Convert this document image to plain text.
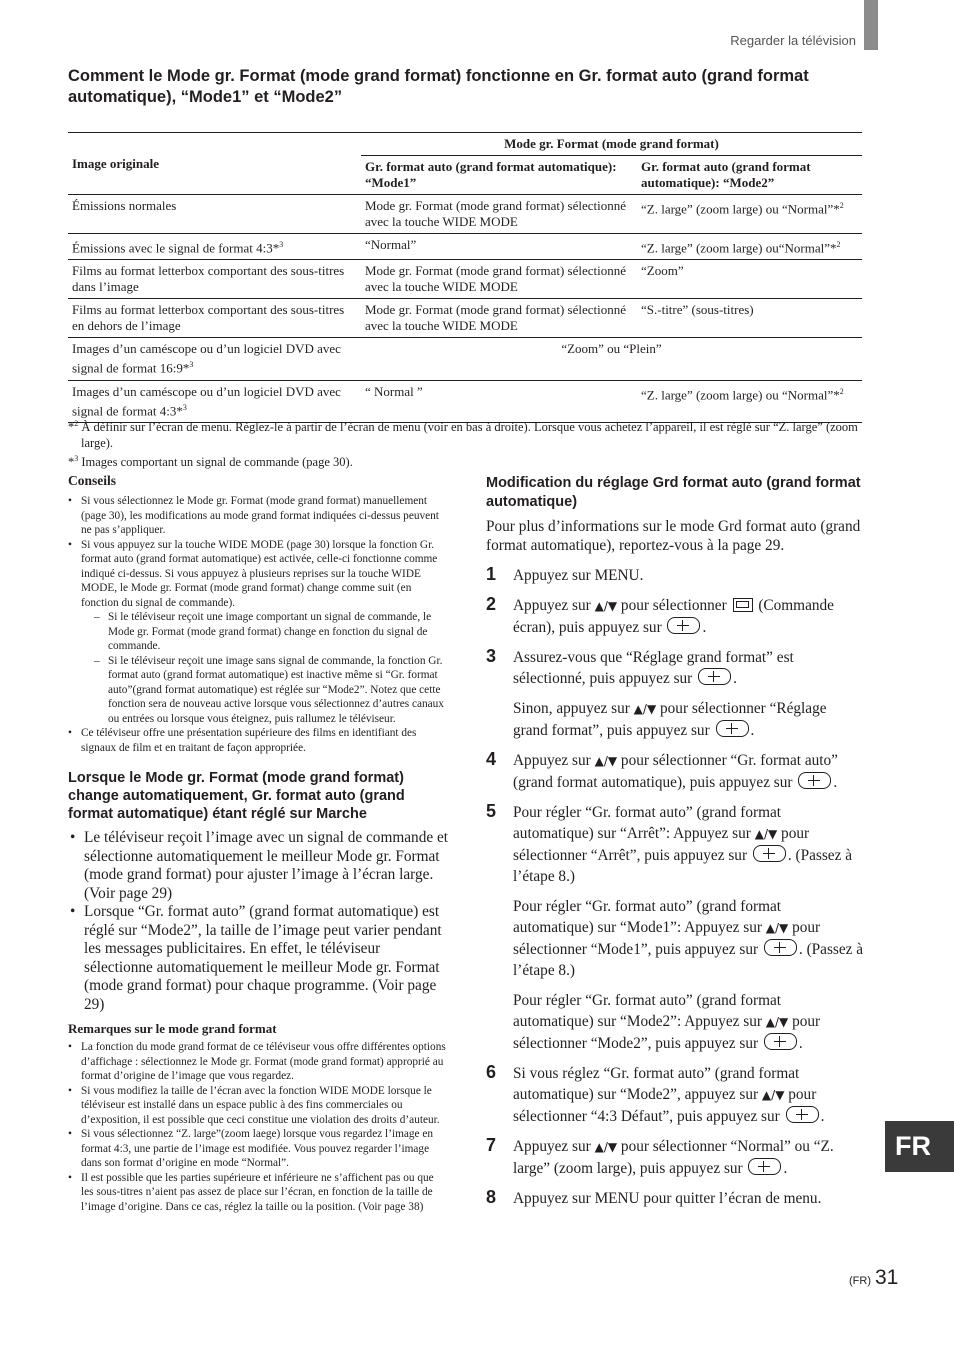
Regarder la télévision
FR
Comment le Mode gr. Format (mode grand format) fonctionne en Gr. format auto (grand format automatique), “Mode1” et “Mode2”
Image originale	Mode gr. Format (mode grand format)	
	Gr. format auto (grand format automatique): “Mode1”	Gr. format auto (grand format automatique): “Mode2”
Émissions normales	Mode gr. Format (mode grand format) sélectionné avec la touche WIDE MODE	“Z. large” (zoom large) ou “Normal”*$^2$
Émissions avec le signal de format 4:3*$^3$	“Normal”	“Z. large” (zoom large) ou“Normal”*$^2$
Films au format letterbox comportant des sous-titres dans l’image	Mode gr. Format (mode grand format) sélectionné avec la touche WIDE MODE	“Zoom”
Films au format letterbox comportant des sous-titres en dehors de l’image	Mode gr. Format (mode grand format) sélectionné avec la touche WIDE MODE	“S.-titre” (sous-titres)
Images d’un caméscope ou d’un logiciel DVD avec signal de format 16:9*$^3$	“Zoom” ou “Plein”	
Images d’un caméscope ou d’un logiciel DVD avec signal de format 4:3*$^3$	“ Normal ”	“Z. large” (zoom large) ou “Normal”*$^2$

*$^2$ À définir sur l’écran de menu. Réglez-le à partir de l’écran de menu (voir en bas à droite). Lorsque vous achetez l’appareil, il est réglé sur “Z. large” (zoom large).

*$^3$ Images comportant un signal de commande (page 30).

Conseils
• Si vous sélectionnez le Mode gr. Format (mode grand format) manuellement (page 30), les modifications au mode grand format indiquées ci-dessus peuvent ne pas s’appliquer.
• Si vous appuyez sur la touche WIDE MODE (page 30) lorsque la fonction Gr. format auto (grand format automatique) est activée, celle-ci fonctionne comme indiqué ci-dessus. Si vous appuyez à plusieurs reprises sur la touche WIDE MODE, le Mode gr. Format (mode grand format) change comme suit (en fonction du signal de commande).
– Si le téléviseur reçoit une image comportant un signal de commande, le Mode gr. Format (mode grand format) change en fonction du signal de commande.
– Si le téléviseur reçoit une image sans signal de commande, la fonction Gr. format auto (grand format automatique) est inactive même si “Gr. format auto”(grand format automatique) est réglée sur “Mode2”. Notez que cette fonction sera de nouveau active lorsque vous sélectionnez d’autres canaux ou entrées ou lorsque vous éteignez, puis rallumez le téléviseur.
• Ce téléviseur offre une présentation supérieure des films en identifiant des signaux de film et en traitant de façon appropriée.
Lorsque le Mode gr. Format (mode grand format) change automatiquement, Gr. format auto (grand format automatique) étant réglé sur Marche
• Le téléviseur reçoit l’image avec un signal de commande et sélectionne automatiquement le meilleur Mode gr. Format (mode grand format) pour ajuster l’image à l’écran large. (Voir page 29)
• Lorsque “Gr. format auto” (grand format automatique) est réglé sur “Mode2”, la taille de l’image peut varier pendant les messages publicitaires. En effet, le téléviseur sélectionne automatiquement le meilleur Mode gr. Format (mode grand format) pour chaque programme. (Voir page 29)
Remarques sur le mode grand format
• La fonction du mode grand format de ce téléviseur vous offre différentes options d’affichage : sélectionnez le Mode gr. Format (mode grand format) approprié au format d’origine de l’image que vous regardez.
• Si vous modifiez la taille de l’écran avec la fonction WIDE MODE lorsque le téléviseur est installé dans un espace public à des fins commerciales ou d’exposition, il est possible que ceci constitue une violation des droits d’auteur.
• Si vous sélectionnez “Z. large”(zoom laege) lorsque vous regardez l’image en format 4:3, une partie de l’image est modifiée. Vous pouvez regarder l’image dans son format d’origine en mode “Normal”.
• Il est possible que les parties supérieure et inférieure ne s’affichent pas ou que les sous-titres n’aient pas assez de place sur l’écran, en fonction de la taille de l’image d’origine. Dans ce cas, réglez la taille ou la position. (Voir page 38)
Modification du réglage Grd format auto (grand format automatique)

Pour plus d’informations sur le mode Grd format auto (grand format automatique), reportez-vous à la page 29.

1 Appuyez sur MENU.

2 Appuyez sur ▲/▼ pour sélectionner  (Commande écran), puis appuyez sur .

3 Assurez-vous que “Réglage grand format” est sélectionné, puis appuyez sur .

Sinon, appuyez sur ▲/▼ pour sélectionner “Réglage grand format”, puis appuyez sur .

4 Appuyez sur ▲/▼ pour sélectionner “Gr. format auto” (grand format automatique), puis appuyez sur .

5 Pour régler “Gr. format auto” (grand format automatique) sur “Arrêt”: Appuyez sur ▲/▼ pour sélectionner “Arrêt”, puis appuyez sur . (Passez à l’étape 8.)

Pour régler “Gr. format auto” (grand format automatique) sur “Mode1”: Appuyez sur ▲/▼ pour sélectionner “Mode1”, puis appuyez sur . (Passez à l’étape 8.)

Pour régler “Gr. format auto” (grand format automatique) sur “Mode2”: Appuyez sur ▲/▼ pour sélectionner “Mode2”, puis appuyez sur .

6 Si vous réglez “Gr. format auto” (grand format automatique) sur “Mode2”, appuyez sur ▲/▼ pour sélectionner “4:3 Défaut”, puis appuyez sur .

7 Appuyez sur ▲/▼ pour sélectionner “Normal” ou “Z. large” (zoom large), puis appuyez sur .

8 Appuyez sur MENU pour quitter l’écran de menu.

(FR) 31
